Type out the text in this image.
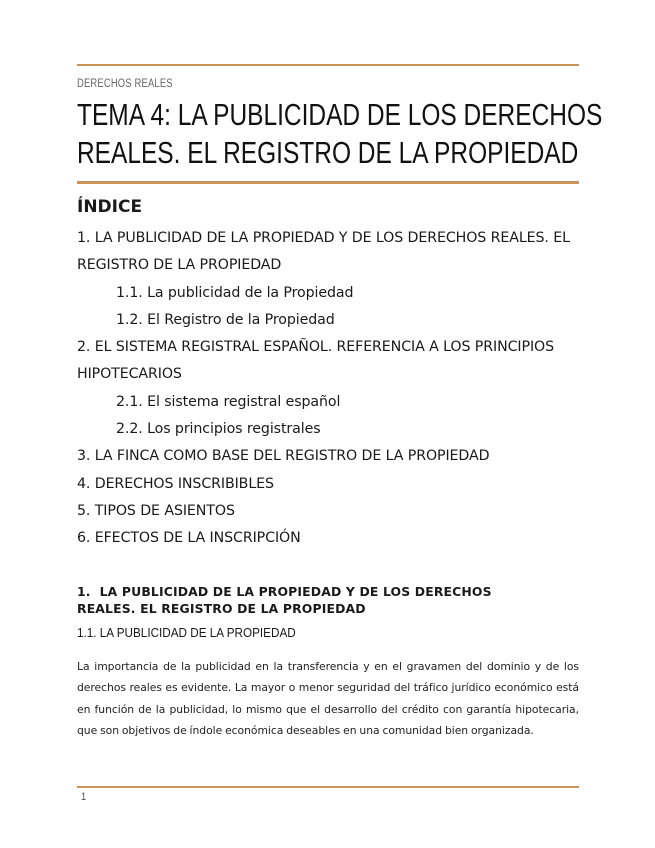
DERECHOS REALES
TEMA 4: LA PUBLICIDAD DE LOS DERECHOS
REALES. EL REGISTRO DE LA PROPIEDAD
ÍNDICE
1. LA PUBLICIDAD DE LA PROPIEDAD Y DE LOS DERECHOS REALES. EL
REGISTRO DE LA PROPIEDAD
1.1. La publicidad de la Propiedad
1.2. El Registro de la Propiedad
2. EL SISTEMA REGISTRAL ESPAÑOL. REFERENCIA A LOS PRINCIPIOS
HIPOTECARIOS
2.1. El sistema registral español
2.2. Los principios registrales
3. LA FINCA COMO BASE DEL REGISTRO DE LA PROPIEDAD
4. DERECHOS INSCRIBIBLES
5. TIPOS DE ASIENTOS
6. EFECTOS DE LA INSCRIPCIÓN
1. LA PUBLICIDAD DE LA PROPIEDAD Y DE LOS DERECHOS
REALES. EL REGISTRO DE LA PROPIEDAD
1.1. LA PUBLICIDAD DE LA PROPIEDAD
La importancia de la publicidad en la transferencia y en el gravamen del dominio y de los derechos reales es evidente. La mayor o menor seguridad del tráfico jurídico económico está en función de la publicidad, lo mismo que el desarrollo del crédito con garantía hipotecaria, que son objetivos de índole económica deseables en una comunidad bien organizada.
1
